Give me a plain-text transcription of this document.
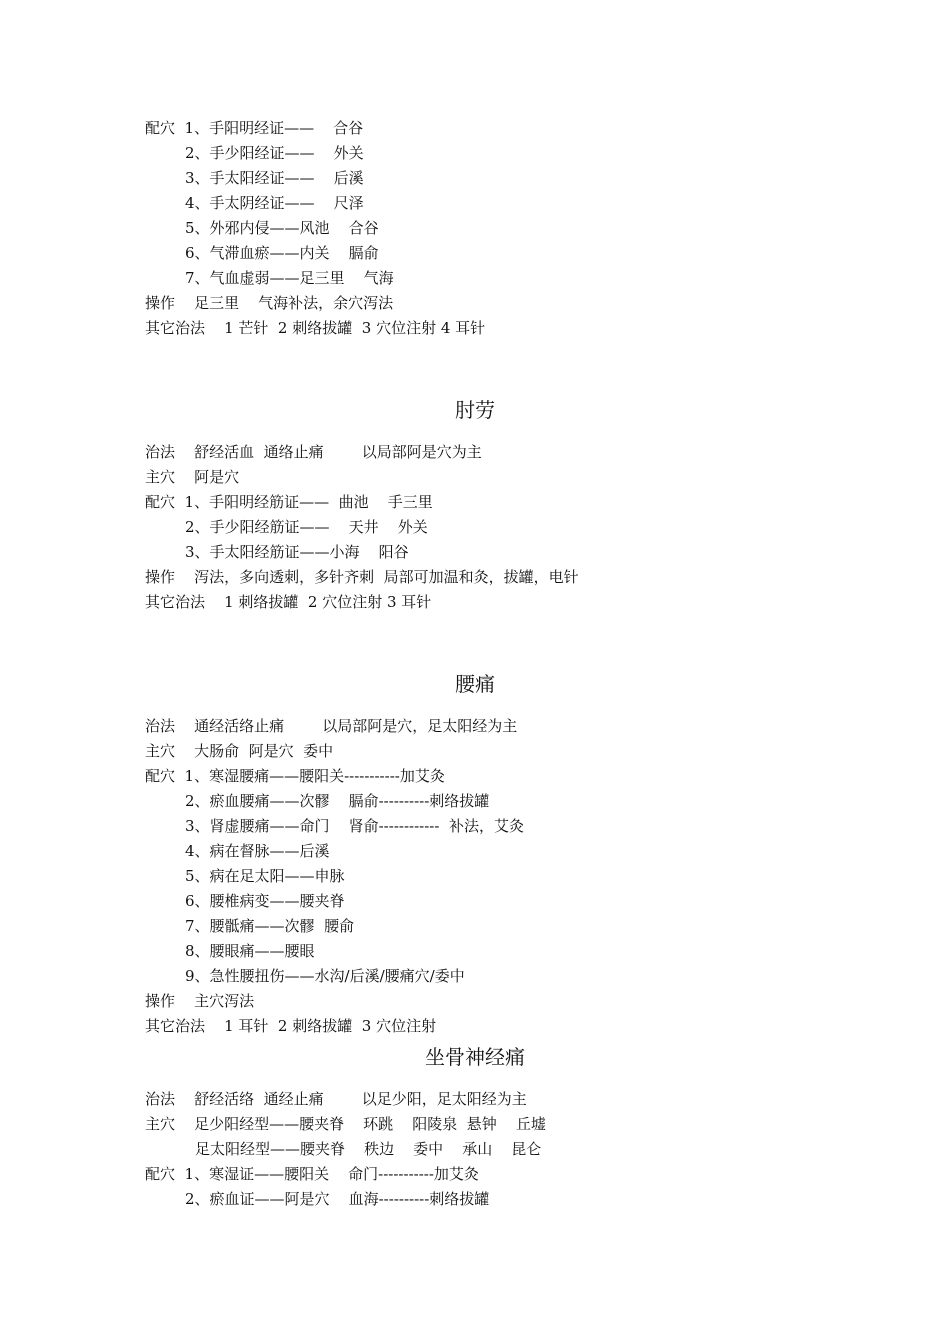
配穴  1、手阳明经证——    合谷
2、手少阳经证——    外关
3、手太阳经证——    后溪
4、手太阴经证——    尺泽
5、外邪内侵——风池    合谷
6、气滞血瘀——内关    膈俞
7、气血虚弱——足三里    气海
操作    足三里    气海补法，余穴泻法
其它治法    1 芒针  2 刺络拔罐  3 穴位注射 4 耳针
肘劳
治法    舒经活血  通络止痛        以局部阿是穴为主
主穴    阿是穴
配穴  1、手阳明经筋证——  曲池    手三里
2、手少阳经筋证——    天井    外关
3、手太阳经筋证——小海    阳谷
操作    泻法，多向透刺，多针齐刺  局部可加温和灸，拔罐，电针
其它治法    1 刺络拔罐  2 穴位注射 3 耳针
腰痛
治法    通经活络止痛        以局部阿是穴，足太阳经为主
主穴    大肠俞  阿是穴  委中
配穴  1、寒湿腰痛——腰阳关-----------加艾灸
2、瘀血腰痛——次髎    膈俞----------刺络拔罐
3、肾虚腰痛——命门    肾俞------------  补法，艾灸
4、病在督脉——后溪
5、病在足太阳——申脉
6、腰椎病变——腰夹脊
7、腰骶痛——次髎  腰俞
8、腰眼痛——腰眼
9、急性腰扭伤——水沟/后溪/腰痛穴/委中
操作    主穴泻法
其它治法    1 耳针  2 刺络拔罐  3 穴位注射
坐骨神经痛
治法    舒经活络  通经止痛        以足少阳，足太阳经为主
主穴    足少阳经型——腰夹脊    环跳    阳陵泉  悬钟    丘墟
足太阳经型——腰夹脊    秩边    委中    承山    昆仑
配穴  1、寒湿证——腰阳关    命门-----------加艾灸
2、瘀血证——阿是穴    血海----------刺络拔罐
